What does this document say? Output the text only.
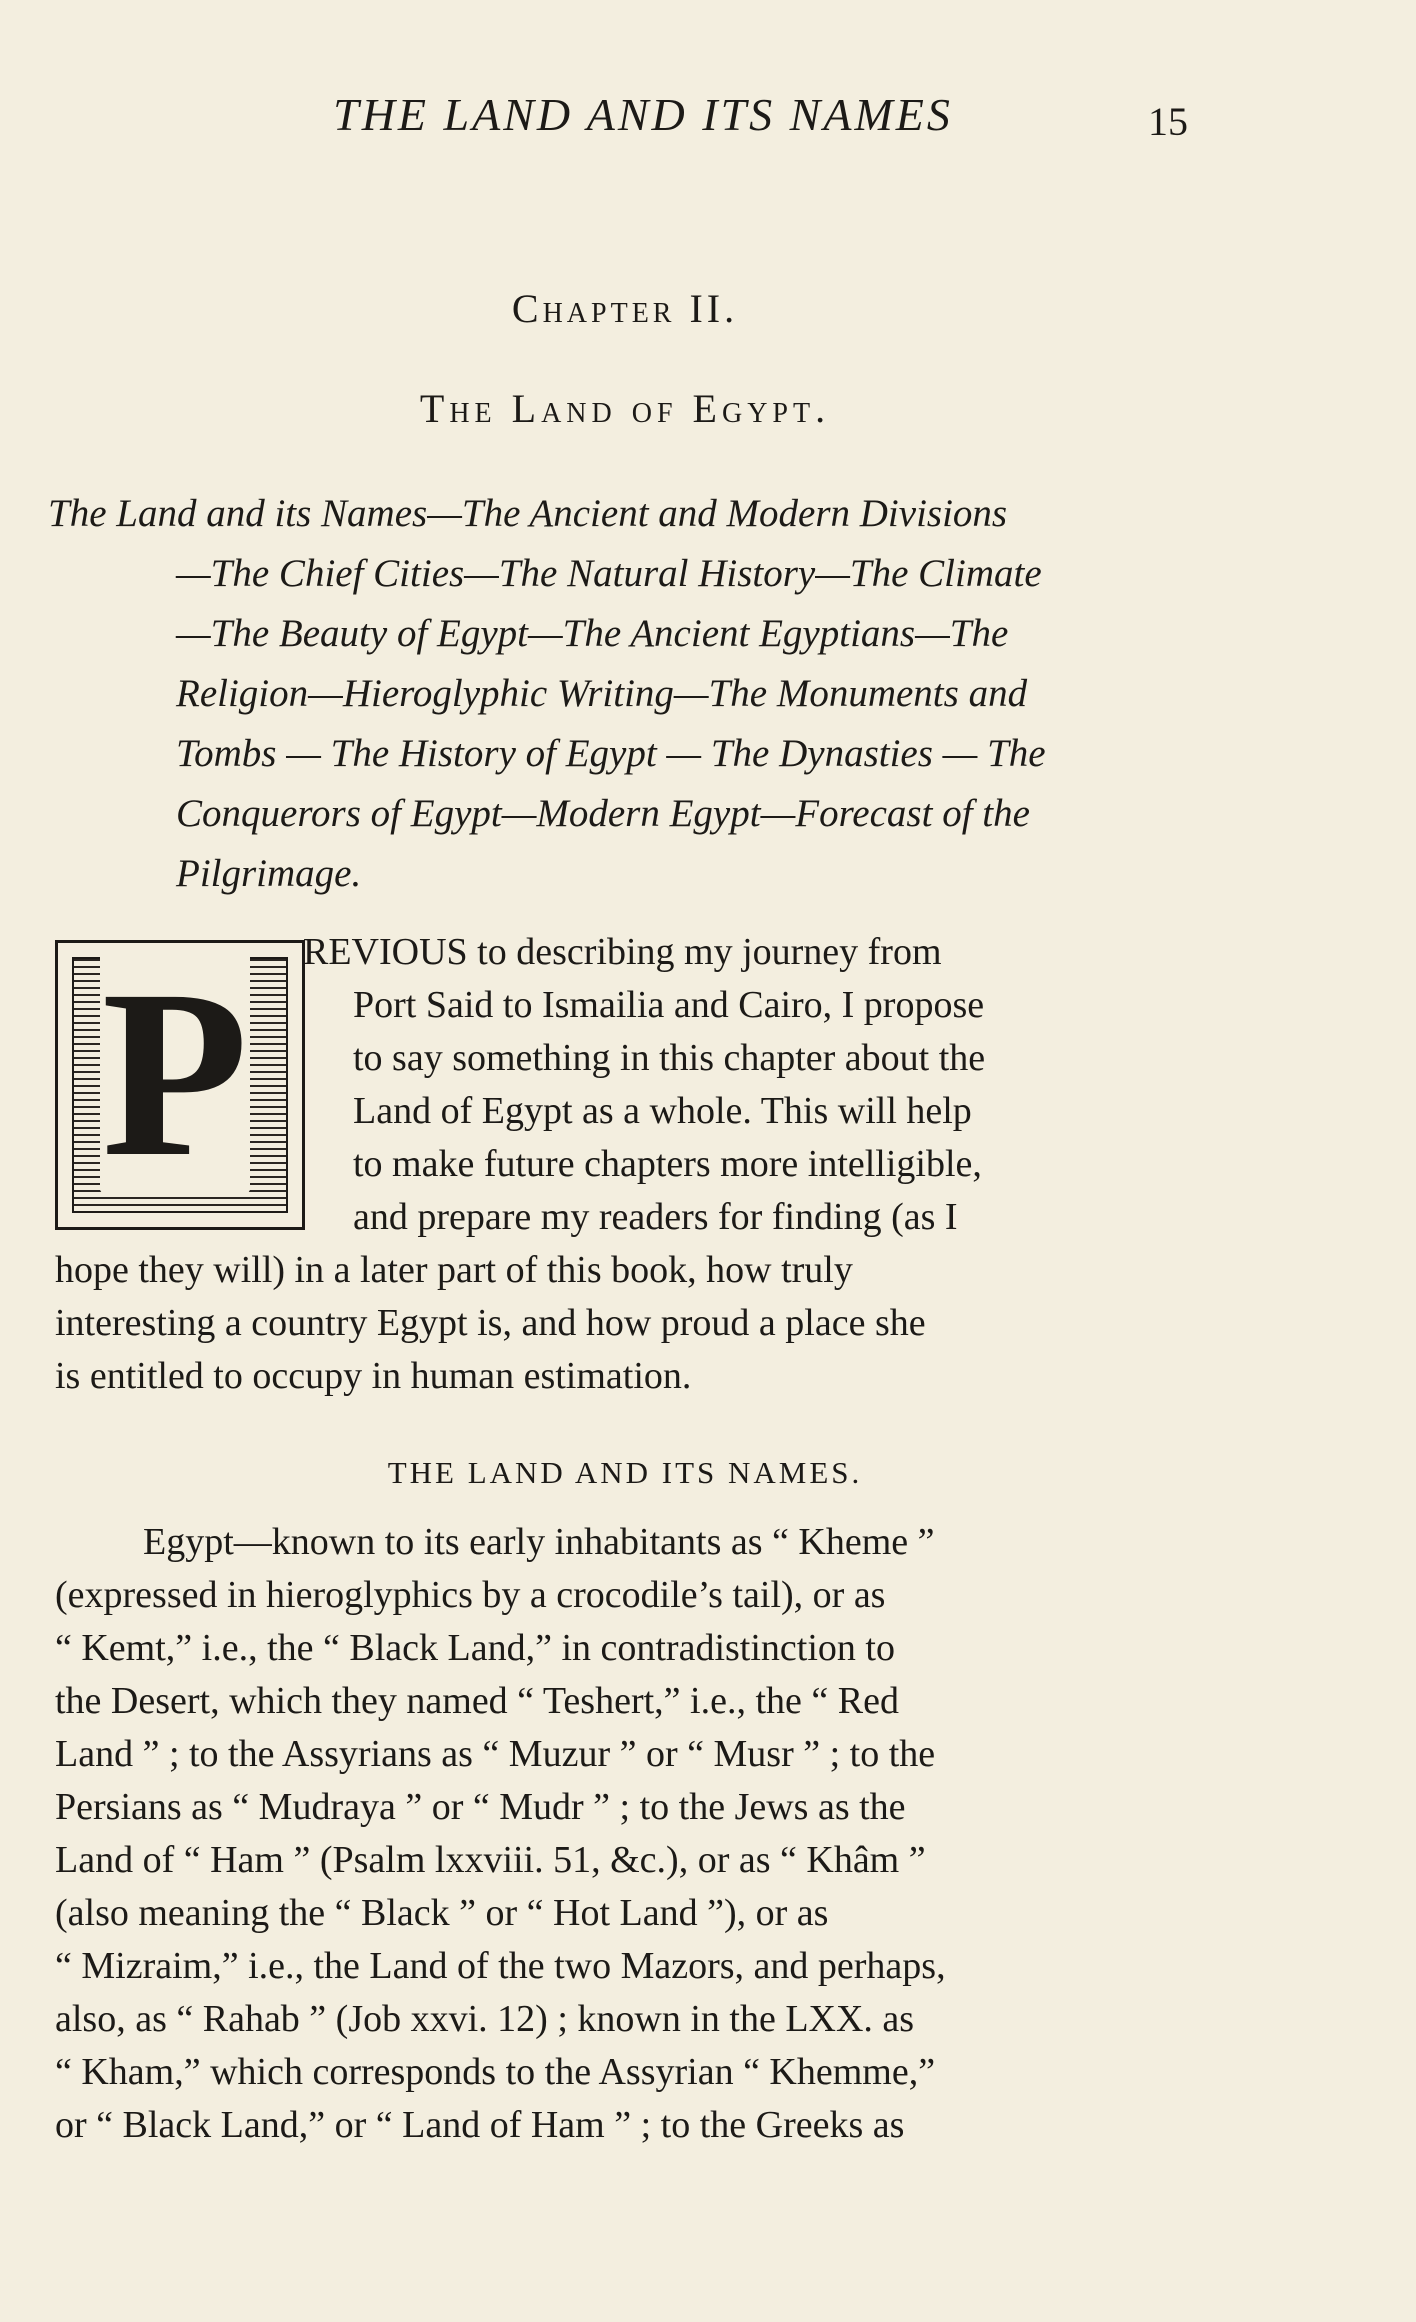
THE LAND AND ITS NAMES	15
Chapter II.
The Land of Egypt.
The Land and its Names—The Ancient and Modern Divisions
—The Chief Cities—The Natural History—The Climate
—The Beauty of Egypt—The Ancient Egyptians—The
Religion—Hieroglyphic Writing—The Monuments and
Tombs — The History of Egypt — The Dynasties — The
Conquerors of Egypt—Modern Egypt—Forecast of the
Pilgrimage.
P REVIOUS to describing my journey from
Port Said to Ismailia and Cairo, I propose
to say something in this chapter about the
Land of Egypt as a whole. This will help
to make future chapters more intelligible,
and prepare my readers for finding (as I
hope they will) in a later part of this book, how truly
interesting a country Egypt is, and how proud a place she
is entitled to occupy in human estimation.
THE LAND AND ITS NAMES.
Egypt—known to its early inhabitants as “ Kheme ”
(expressed in hieroglyphics by a crocodile’s tail), or as
“ Kemt,” i.e., the “ Black Land,” in contradistinction to
the Desert, which they named “ Teshert,” i.e., the “ Red
Land ” ; to the Assyrians as “ Muzur ” or “ Musr ” ; to the
Persians as “ Mudraya ” or “ Mudr ” ; to the Jews as the
Land of “ Ham ” (Psalm lxxviii. 51, &c.), or as “ Khâm ”
(also meaning the “ Black ” or “ Hot Land ”), or as
“ Mizraim,” i.e., the Land of the two Mazors, and perhaps,
also, as “ Rahab ” (Job xxvi. 12) ; known in the LXX. as
“ Kham,” which corresponds to the Assyrian “ Khemme,”
or “ Black Land,” or “ Land of Ham ” ; to the Greeks as
